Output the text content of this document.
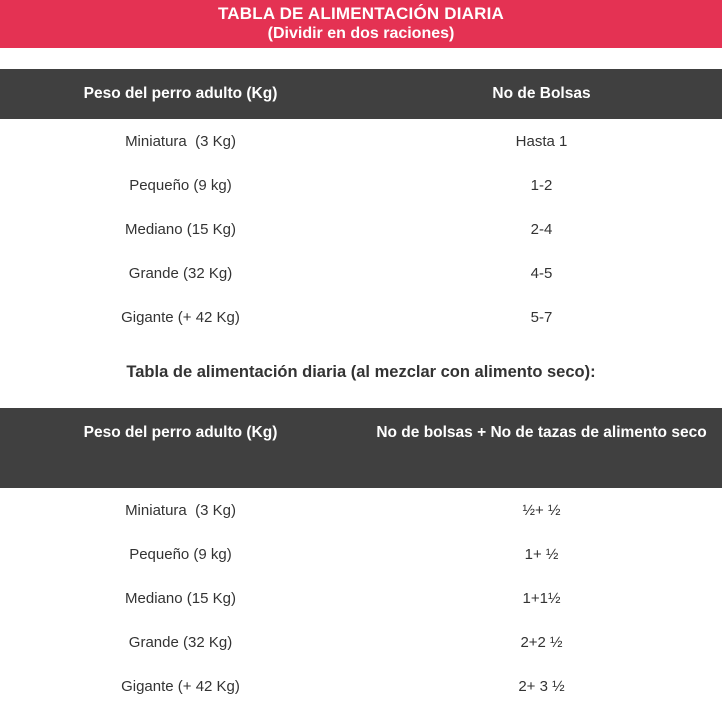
TABLA DE ALIMENTACIÓN DIARIA
(Dividir en dos raciones)
Peso del perro adulto (Kg)	No de Bolsas
Miniatura  (3 Kg)	Hasta 1
Pequeño (9 kg)	1-2
Mediano (15 Kg)	2-4
Grande (32 Kg)	4-5
Gigante (+ 42 Kg)	5-7
Tabla de alimentación diaria (al mezclar con alimento seco):
Peso del perro adulto (Kg)	No de bolsas + No de tazas de alimento seco
Miniatura  (3 Kg)	½+ ½
Pequeño (9 kg)	1+ ½
Mediano (15 Kg)	1+1½
Grande (32 Kg)	2+2 ½
Gigante (+ 42 Kg)	2+ 3 ½
